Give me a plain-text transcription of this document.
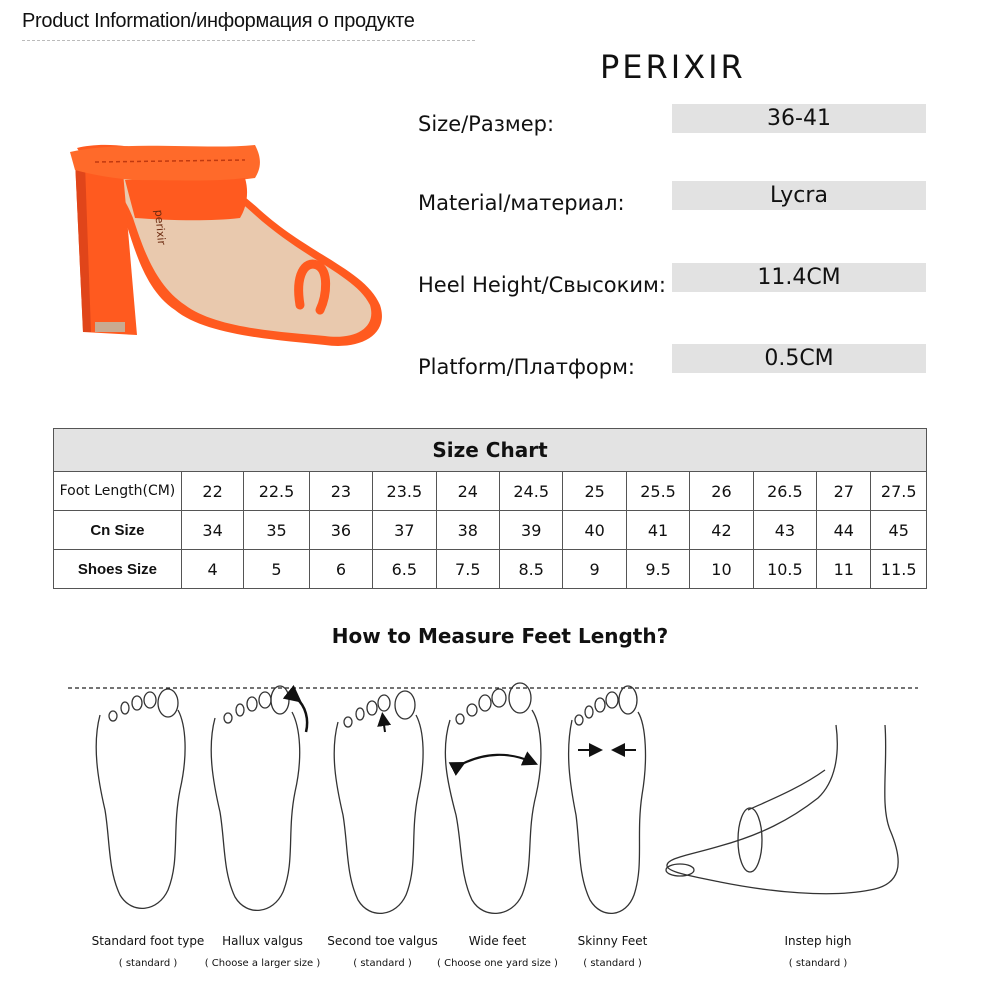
Product Information/информация о продукте
PERIXIR
perixir
Size/Размер:	36-41
Material/материал:	Lycra
Heel Height/Свысоким:	11.4CM
Platform/Платформ:	0.5CM
Size Chart												
Foot Length(CM)	22	22.5	23	23.5	24	24.5	25	25.5	26	26.5	27	27.5
Cn Size	34	35	36	37	38	39	40	41	42	43	44	45
Shoes Size	4	5	6	6.5	7.5	8.5	9	9.5	10	10.5	11	11.5
How to Measure Feet Length?
Standard foot type
( standard )
Hallux valgus
( Choose a larger size )
Second toe valgus
( standard )
Wide feet
( Choose one yard size )
Skinny Feet
( standard )
Instep high
( standard )
